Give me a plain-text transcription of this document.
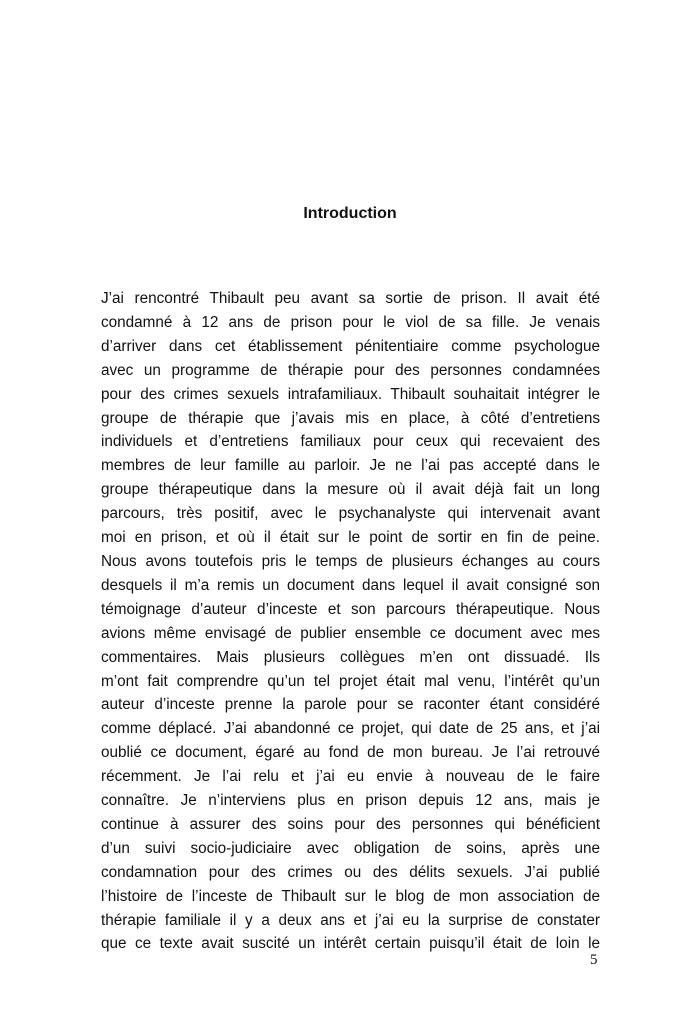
Introduction
J’ai rencontré Thibault peu avant sa sortie de prison. Il avait été
condamné à 12 ans de prison pour le viol de sa fille. Je venais
d’arriver dans cet établissement pénitentiaire comme psychologue
avec un programme de thérapie pour des personnes condamnées
pour des crimes sexuels intrafamiliaux. Thibault souhaitait intégrer le
groupe de thérapie que j’avais mis en place, à côté d’entretiens
individuels et d’entretiens familiaux pour ceux qui recevaient des
membres de leur famille au parloir. Je ne l’ai pas accepté dans le
groupe thérapeutique dans la mesure où il avait déjà fait un long
parcours, très positif, avec le psychanalyste qui intervenait avant
moi en prison, et où il était sur le point de sortir en fin de peine.
Nous avons toutefois pris le temps de plusieurs échanges au cours
desquels il m’a remis un document dans lequel il avait consigné son
témoignage d’auteur d’inceste et son parcours thérapeutique. Nous
avions même envisagé de publier ensemble ce document avec mes
commentaires. Mais plusieurs collègues m’en ont dissuadé. Ils
m’ont fait comprendre qu’un tel projet était mal venu, l’intérêt qu’un
auteur d’inceste prenne la parole pour se raconter étant considéré
comme déplacé. J’ai abandonné ce projet, qui date de 25 ans, et j’ai
oublié ce document, égaré au fond de mon bureau. Je l’ai retrouvé
récemment. Je l’ai relu et j’ai eu envie à nouveau de le faire
connaître. Je n’interviens plus en prison depuis 12 ans, mais je
continue à assurer des soins pour des personnes qui bénéficient
d’un suivi socio-judiciaire avec obligation de soins, après une
condamnation pour des crimes ou des délits sexuels. J’ai publié
l’histoire de l’inceste de Thibault sur le blog de mon association de
thérapie familiale il y a deux ans et j’ai eu la surprise de constater
que ce texte avait suscité un intérêt certain puisqu’il était de loin le
5
